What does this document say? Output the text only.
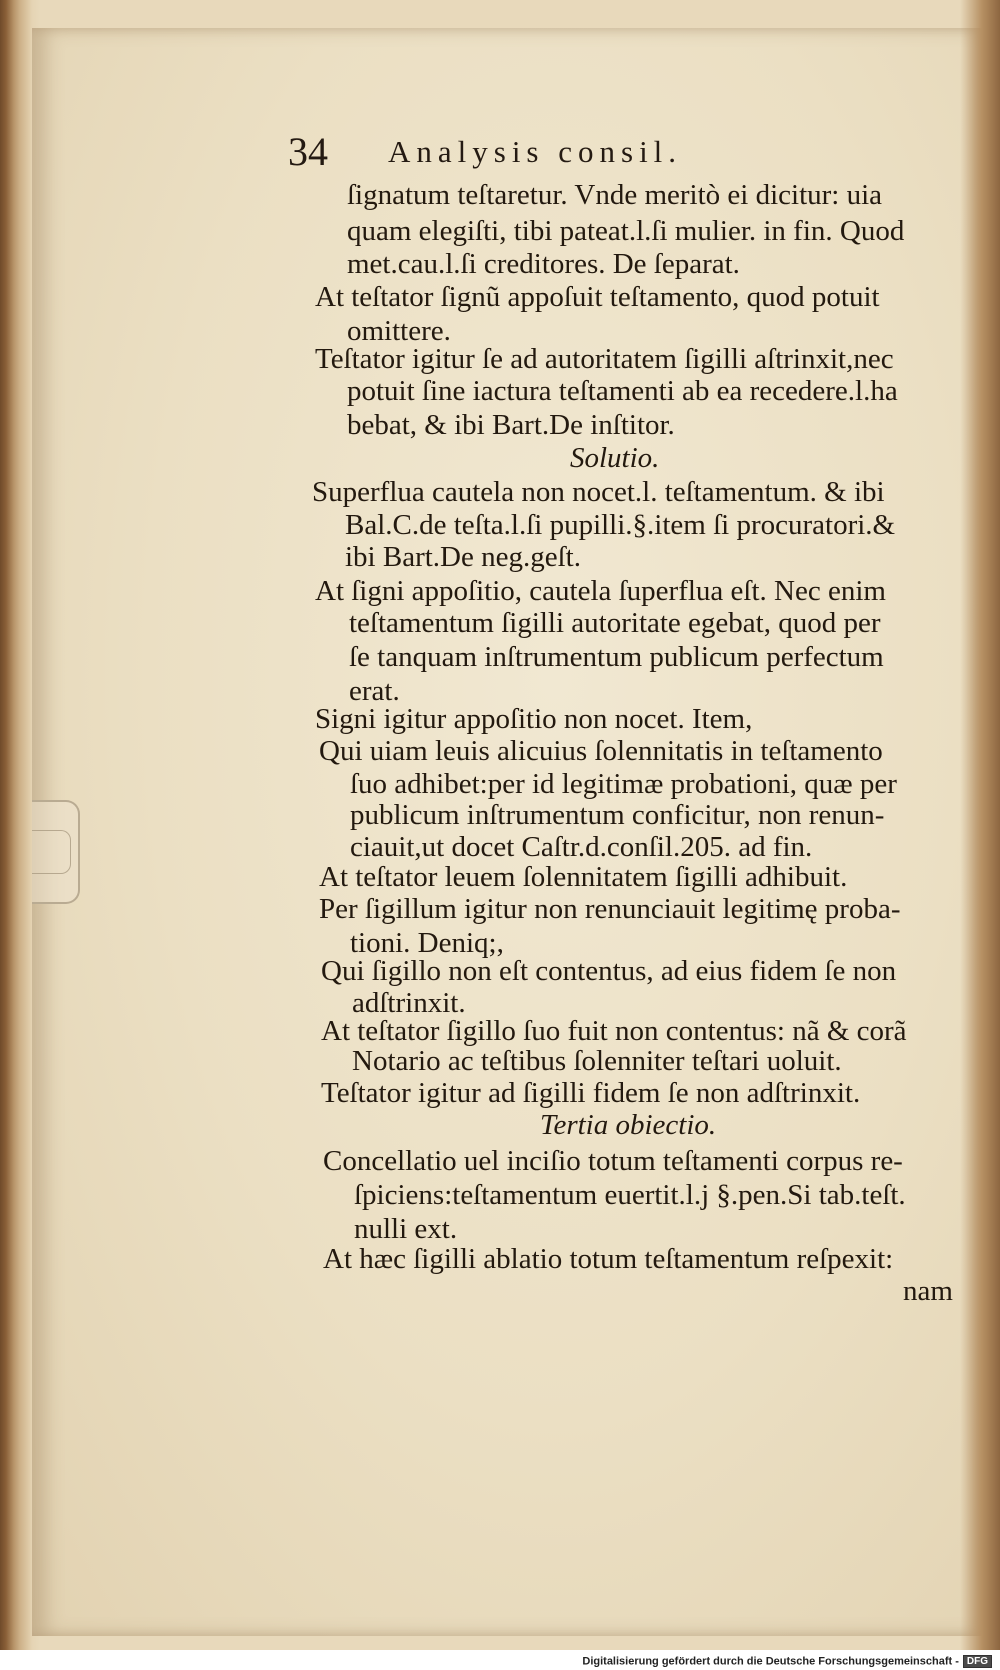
34 Analysis consil.
ſignatum teſtaretur. Vnde meritò ei dicitur: uia
quam elegiſti, tibi pateat.l.ſi mulier. in fin. Quod
met.cau.l.ſi creditores. De ſeparat.
At teſtator ſignũ appoſuit teſtamento, quod potuit
omittere.
Teſtator igitur ſe ad autoritatem ſigilli aſtrinxit,nec
potuit ſine iactura teſtamenti ab ea recedere.l.ha
bebat, & ibi Bart.De inſtitor.
Solutio.
Superflua cautela non nocet.l. teſtamentum. & ibi
Bal.C.de teſta.l.ſi pupilli.§.item ſi procuratori.&
ibi Bart.De neg.geſt.
At ſigni appoſitio, cautela ſuperflua eſt. Nec enim
teſtamentum ſigilli autoritate egebat, quod per
ſe tanquam inſtrumentum publicum perfectum
erat.
Signi igitur appoſitio non nocet. Item,
Qui uiam leuis alicuius ſolennitatis in teſtamento
ſuo adhibet:per id legitimæ probationi, quæ per
publicum inſtrumentum conficitur, non renun-
ciauit,ut docet Caſtr.d.conſil.205. ad fin.
At teſtator leuem ſolennitatem ſigilli adhibuit.
Per ſigillum igitur non renunciauit legitimę proba-
tioni. Deniq;,
Qui ſigillo non eſt contentus, ad eius fidem ſe non
adſtrinxit.
At teſtator ſigillo ſuo fuit non contentus: nã & corã
Notario ac teſtibus ſolenniter teſtari uoluit.
Teſtator igitur ad ſigilli fidem ſe non adſtrinxit.
Tertia obiectio.
Concellatio uel inciſio totum teſtamenti corpus re-
ſpiciens:teſtamentum euertit.l.j §.pen.Si tab.teſt.
nulli ext.
At hæc ſigilli ablatio totum teſtamentum reſpexit:
nam
Digitalisierung gefördert durch die Deutsche Forschungsgemeinschaft - DFG
